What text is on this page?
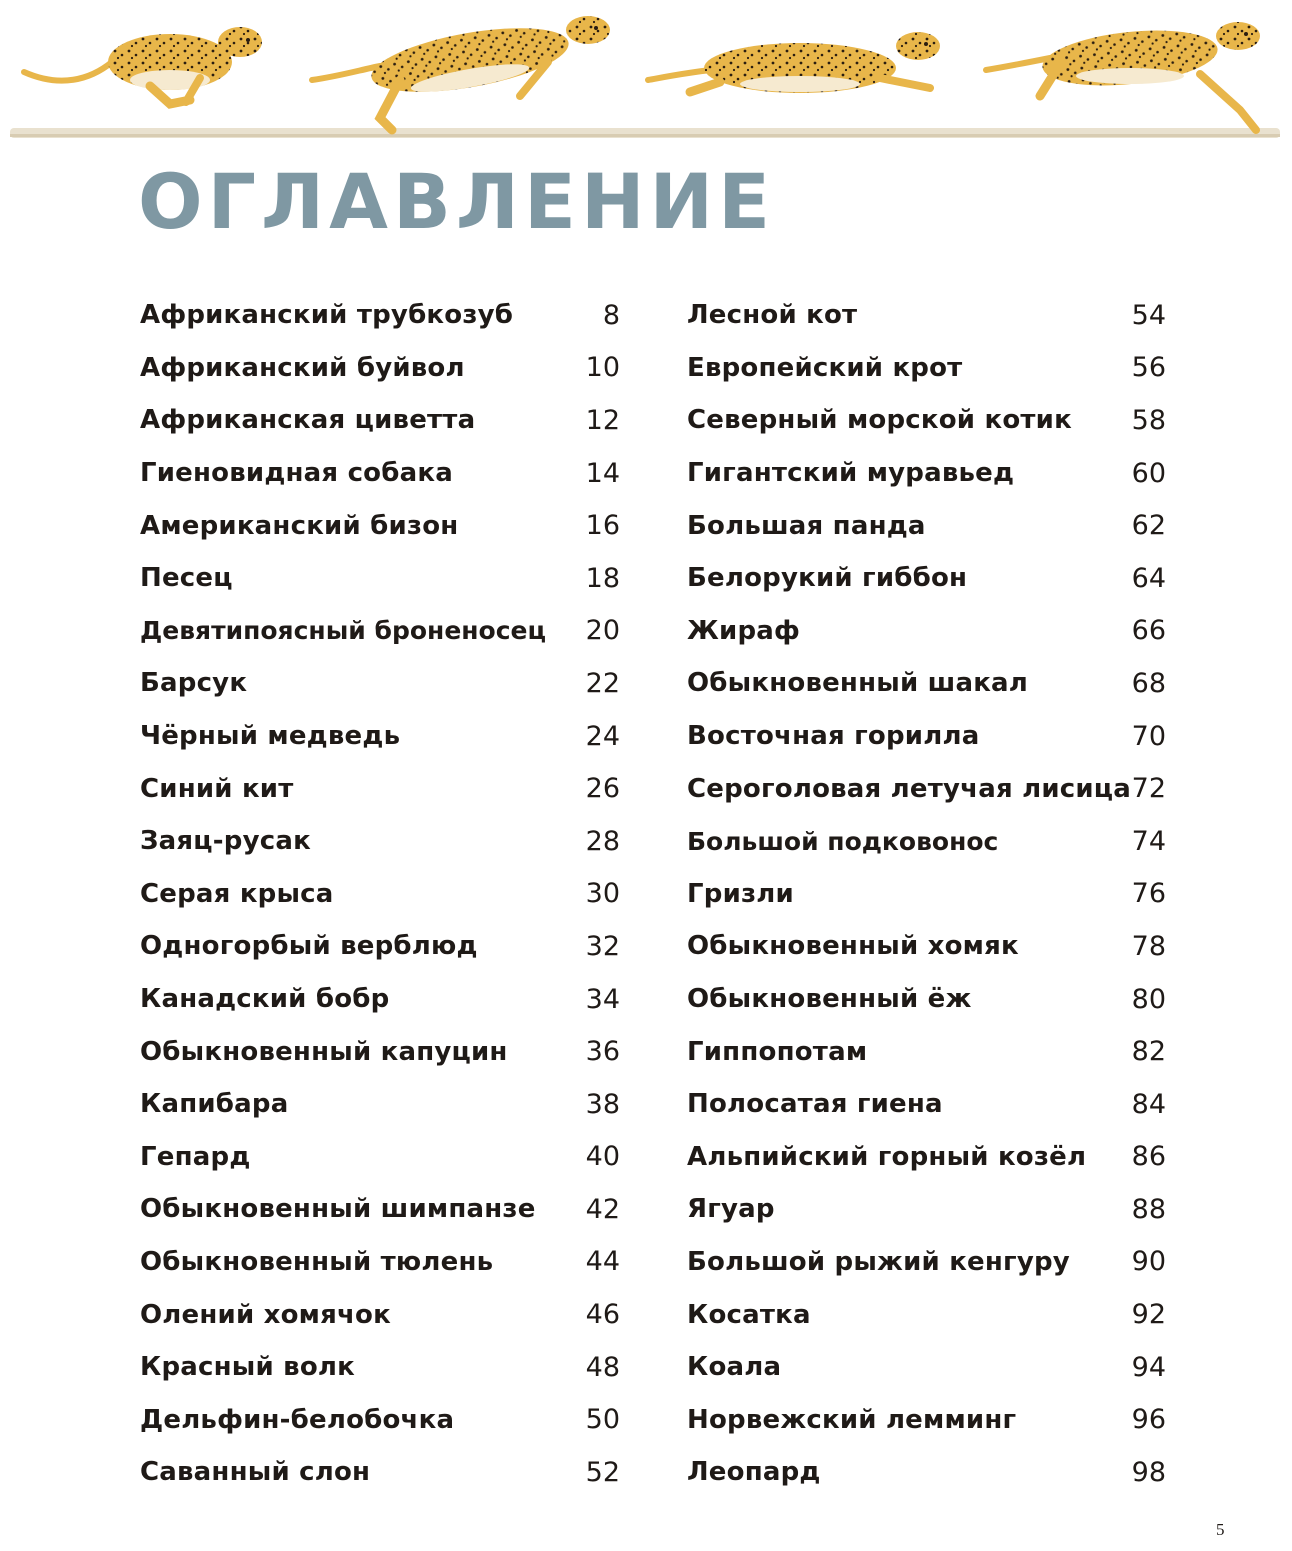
ОГЛАВЛЕНИЕ
Африканский трубкозуб	8
Африканский буйвол	10
Африканская циветта	12
Гиеновидная собака	14
Американский бизон	16
Песец	18
Девятипоясный броненосец 20
Барсук	22
Чёрный медведь	24
Синий кит	26
Заяц-русак	28
Серая крыса	30
Одногорбый верблюд	32
Канадский бобр	34
Обыкновенный капуцин	36
Капибара	38
Гепард	40
Обыкновенный шимпанзе 42
Обыкновенный тюлень	44
Олений хомячок	46
Красный волк	48
Дельфин-белобочка	50
Саванный слон	52
Лесной кот	54
Европейский крот	56
Северный морской котик 58
Гигантский муравьед	60
Большая панда	62
Белорукий гиббон	64
Жираф	66
Обыкновенный шакал	68
Восточная горилла	70
Сероголовая летучая лисица 72
Большой подковонос	74
Гризли	76
Обыкновенный хомяк	78
Обыкновенный ёж	80
Гиппопотам	82
Полосатая гиена	84
Альпийский горный козёл 86
Ягуар	88
Большой рыжий кенгуру 90
Косатка	92
Коала	94
Норвежский лемминг	96
Леопард	98
5
